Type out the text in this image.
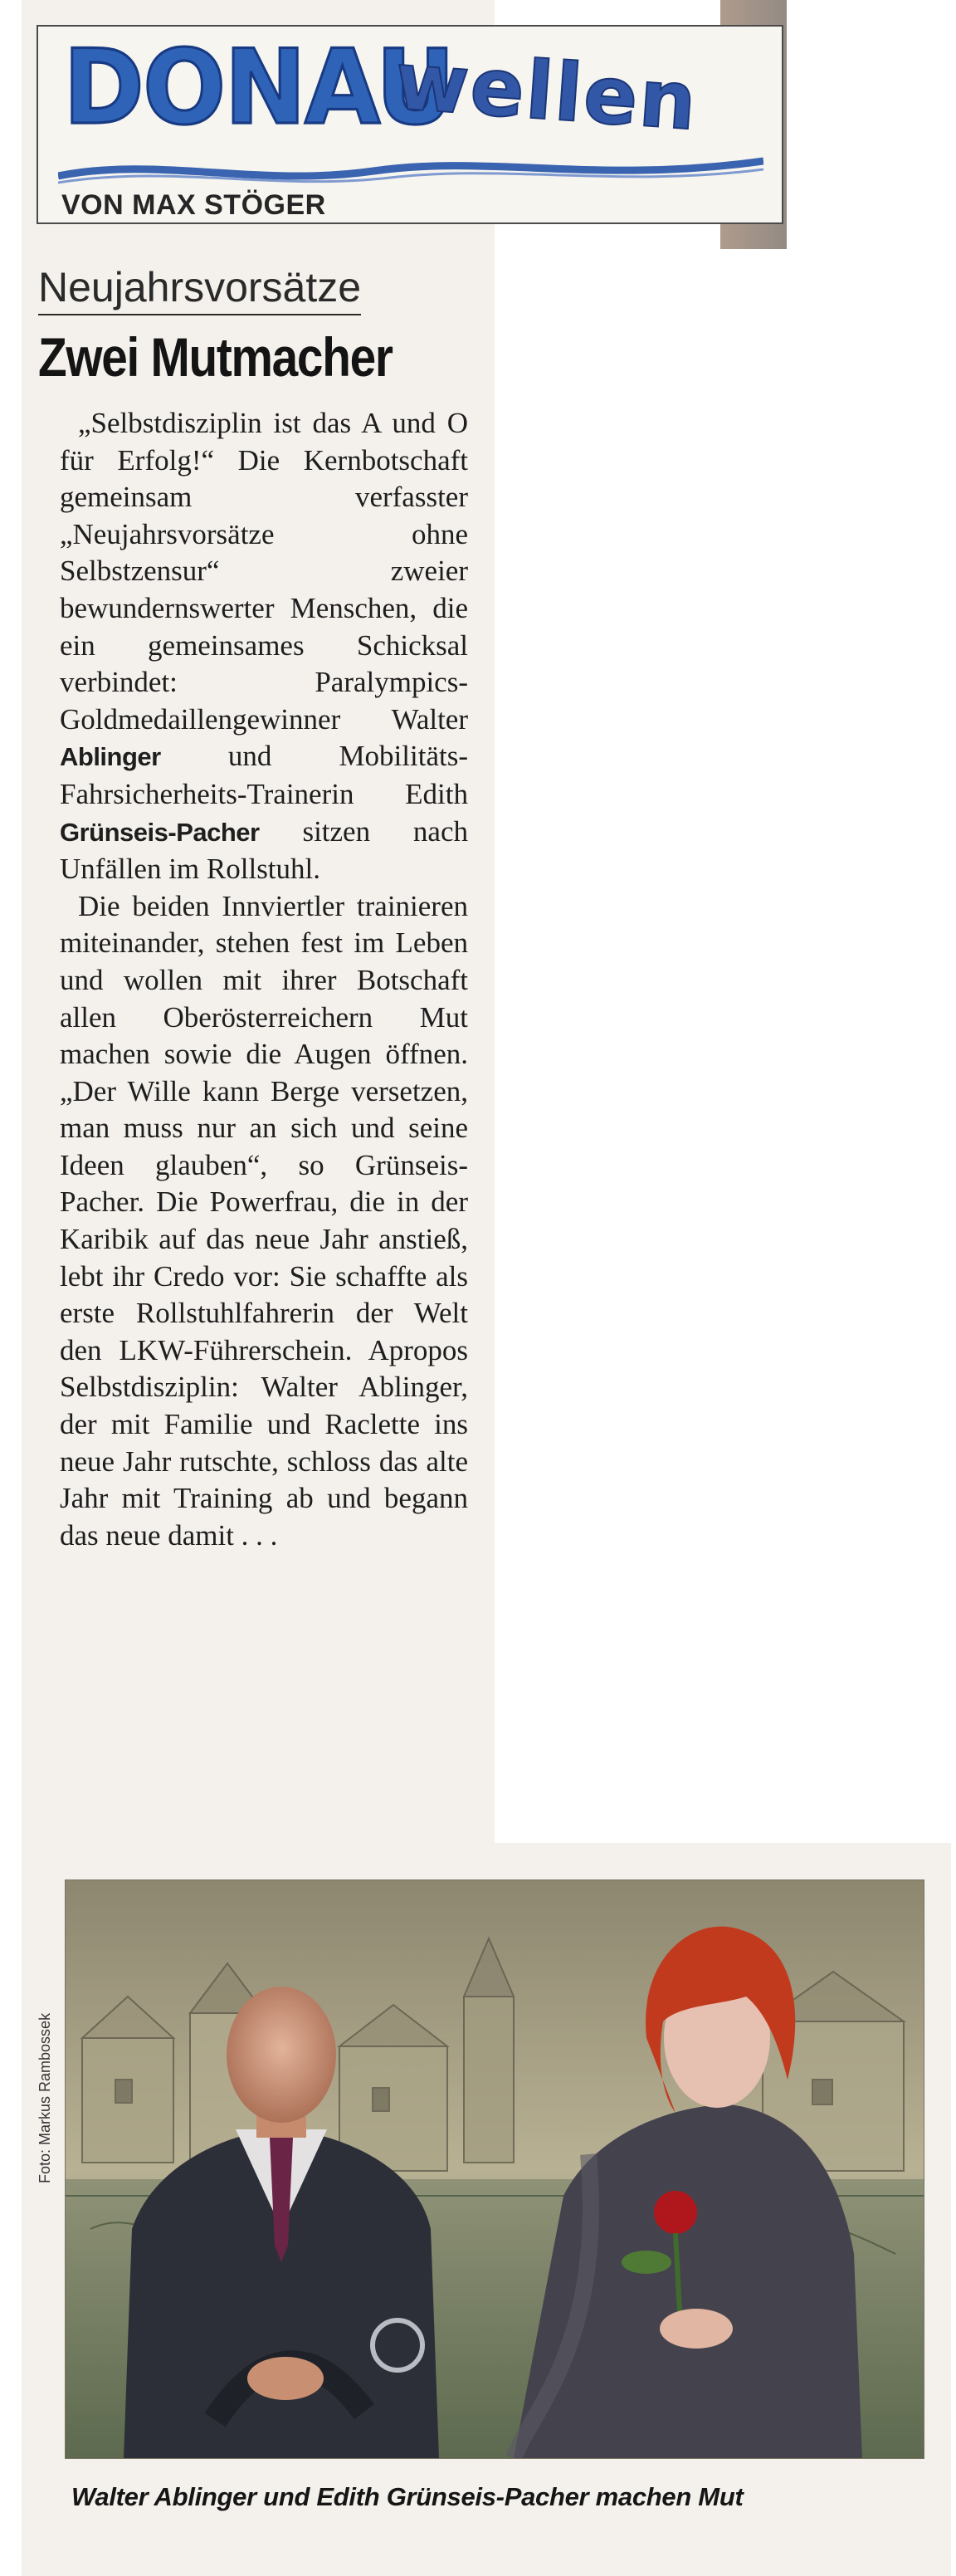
DONAU
wellen
VON MAX STÖGER
Neujahrsvorsätze
Zwei Mutmacher

„Selbstdisziplin ist das A und O für Erfolg!“ Die Kernbotschaft gemeinsam verfasster „Neujahrsvorsätze ohne Selbstzensur“ zweier bewundernswerter Menschen, die ein gemeinsames Schicksal verbindet: Paralympics-Goldmedaillengewinner Walter Ablinger und Mobilitäts-Fahrsicherheits-Trainerin Edith Grünseis-Pacher sitzen nach Unfällen im Rollstuhl.

Die beiden Innviertler trainieren miteinander, stehen fest im Leben und wollen mit ihrer Botschaft allen Oberösterreichern Mut machen sowie die Augen öffnen. „Der Wille kann Berge versetzen, man muss nur an sich und seine Ideen glauben“, so Grünseis-Pacher. Die Powerfrau, die in der Karibik auf das neue Jahr anstieß, lebt ihr Credo vor: Sie schaffte als erste Rollstuhlfahrerin der Welt den LKW-Führerschein. Apropos Selbstdisziplin: Walter Ablinger, der mit Familie und Raclette ins neue Jahr rutschte, schloss das alte Jahr mit Training ab und begann das neue damit . . .

Foto: Markus Rambossek
Walter Ablinger und Edith Grünseis-Pacher machen Mut
